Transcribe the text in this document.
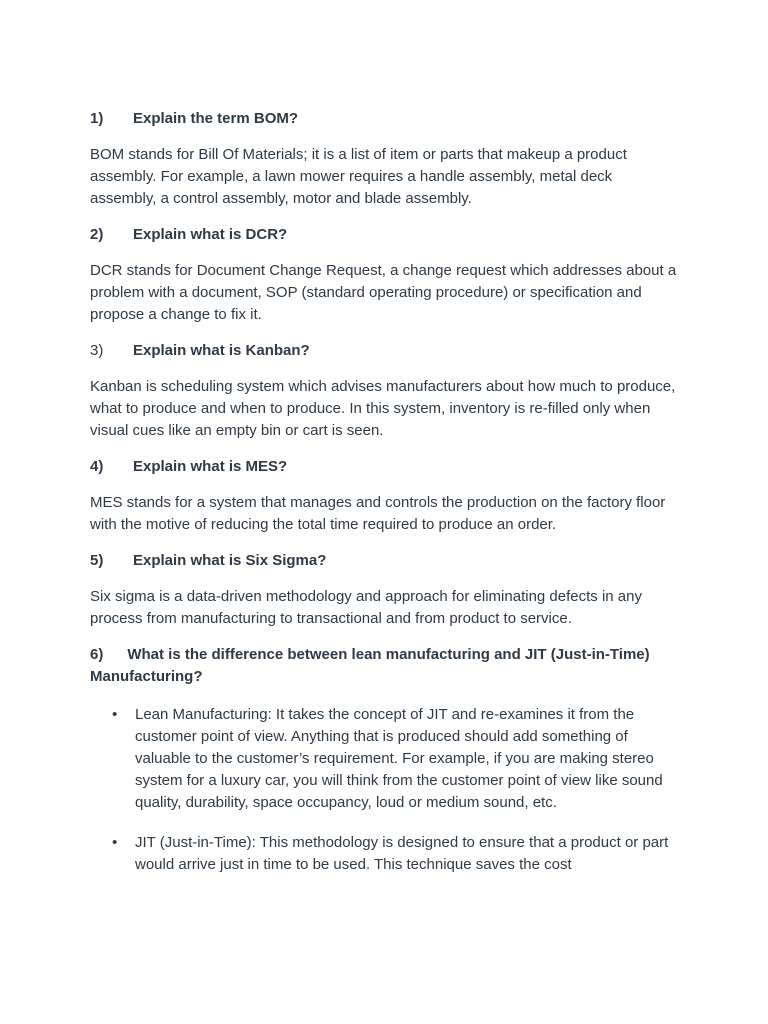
1)	Explain the term BOM?

BOM stands for Bill Of Materials; it is a list of item or parts that makeup a product assembly. For example, a lawn mower requires a handle assembly, metal deck assembly, a control assembly, motor and blade assembly.

2)	Explain what is DCR?

DCR stands for Document Change Request, a change request which addresses about a problem with a document, SOP (standard operating procedure) or specification and propose a change to fix it.

3)	Explain what is Kanban?

Kanban is scheduling system which advises manufacturers about how much to produce, what to produce and when to produce. In this system, inventory is re-filled only when visual cues like an empty bin or cart is seen.

4)	Explain what is MES?

MES stands for a system that manages and controls the production on the factory floor with the motive of reducing the total time required to produce an order.

5)	Explain what is Six Sigma?

Six sigma is a data-driven methodology and approach for eliminating defects in any process from manufacturing to transactional and from product to service.

6) What is the difference between lean manufacturing and JIT (Just-in-Time) Manufacturing?
• Lean Manufacturing: It takes the concept of JIT and re-examines it from the customer point of view. Anything that is produced should add something of valuable to the customer’s requirement. For example, if you are making stereo system for a luxury car, you will think from the customer point of view like sound quality, durability, space occupancy, loud or medium sound, etc.
• JIT (Just-in-Time): This methodology is designed to ensure that a product or part would arrive just in time to be used. This technique saves the cost
